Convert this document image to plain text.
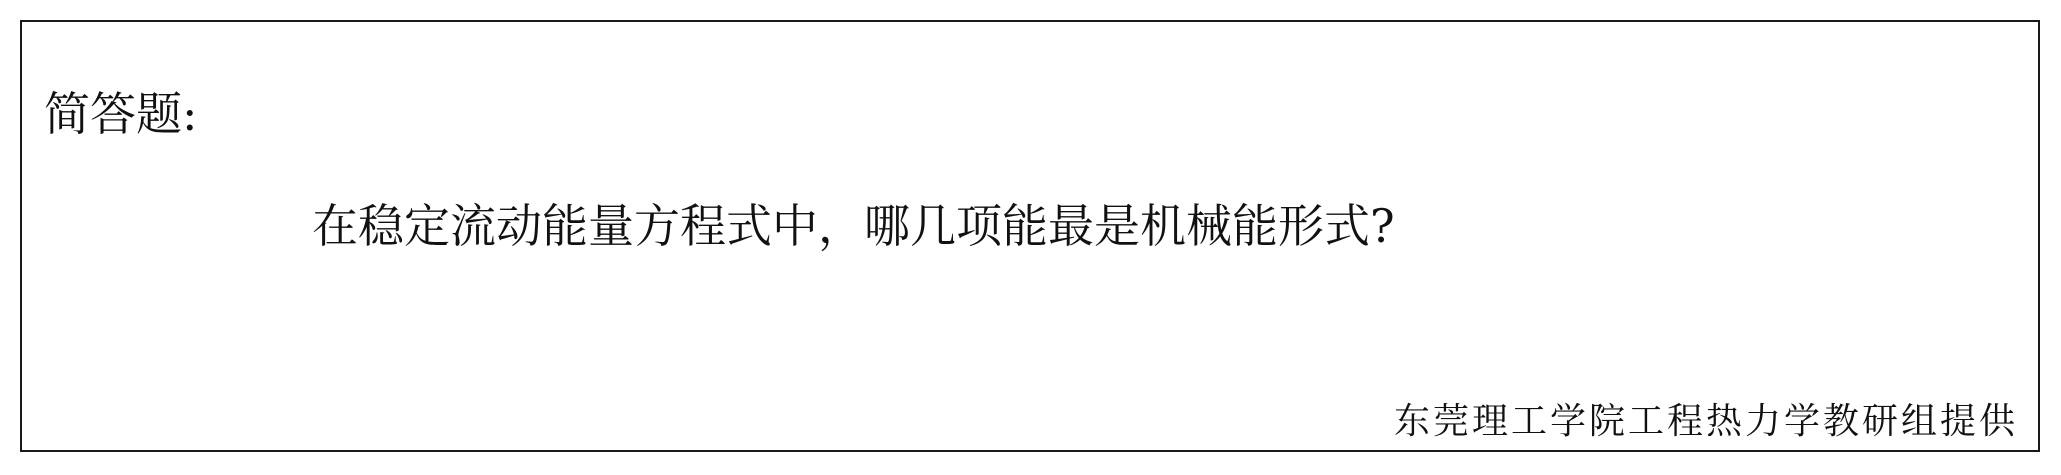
简答题:
在稳定流动能量方程式中，哪几项能最是机械能形式?
东莞理工学院工程热力学教研组提供
